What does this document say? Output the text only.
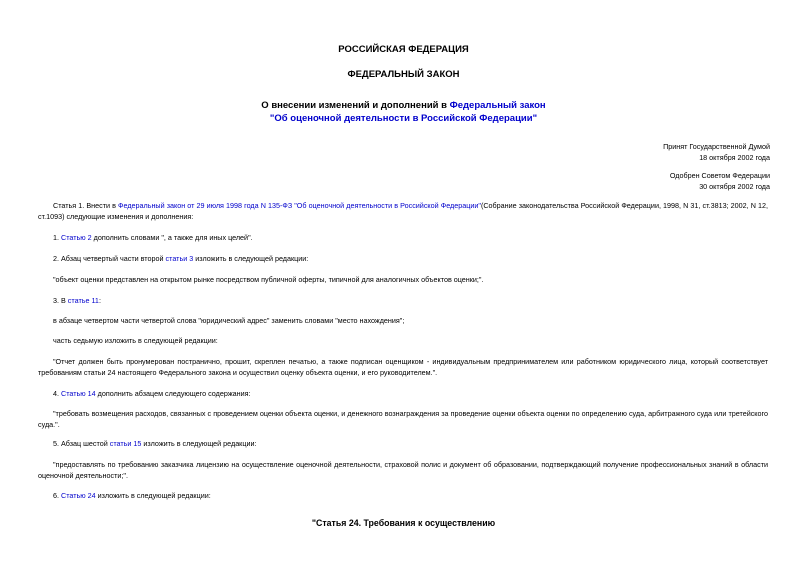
РОССИЙСКАЯ ФЕДЕРАЦИЯ
ФЕДЕРАЛЬНЫЙ ЗАКОН
О внесении изменений и дополнений в Федеральный закон
"Об оценочной деятельности в Российской Федерации"
Принят Государственной Думой
18 октября 2002 года
Одобрен Советом Федерации
30 октября 2002 года
Статья 1. Внести в Федеральный закон от 29 июля 1998 года N 135-ФЗ "Об оценочной деятельности в Российской Федерации"(Собрание законодательства Российской Федерации, 1998, N 31, ст.3813; 2002, N 12, ст.1093) следующие изменения и дополнения:
1. Статью 2 дополнить словами ", а также для иных целей".
2. Абзац четвертый части второй статьи 3 изложить в следующей редакции:
"объект оценки представлен на открытом рынке посредством публичной оферты, типичной для аналогичных объектов оценки;".
3. В статье 11:
в абзаце четвертом части четвертой слова "юридический адрес" заменить словами "место нахождения";
часть седьмую изложить в следующей редакции:
"Отчет должен быть пронумерован постранично, прошит, скреплен печатью, а также подписан оценщиком - индивидуальным предпринимателем или работником юридического лица, который соответствует требованиям статьи 24 настоящего Федерального закона и осуществил оценку объекта оценки, и его руководителем.".
4. Статью 14 дополнить абзацем следующего содержания:
"требовать возмещения расходов, связанных с проведением оценки объекта оценки, и денежного вознаграждения за проведение оценки объекта оценки по определению суда, арбитражного суда или третейского суда.".
5. Абзац шестой статьи 15 изложить в следующей редакции:
"предоставлять по требованию заказчика лицензию на осуществление оценочной деятельности, страховой полис и документ об образовании, подтверждающий получение профессиональных знаний в области оценочной деятельности;".
6. Статью 24 изложить в следующей редакции:
"Статья 24. Требования к осуществлению
